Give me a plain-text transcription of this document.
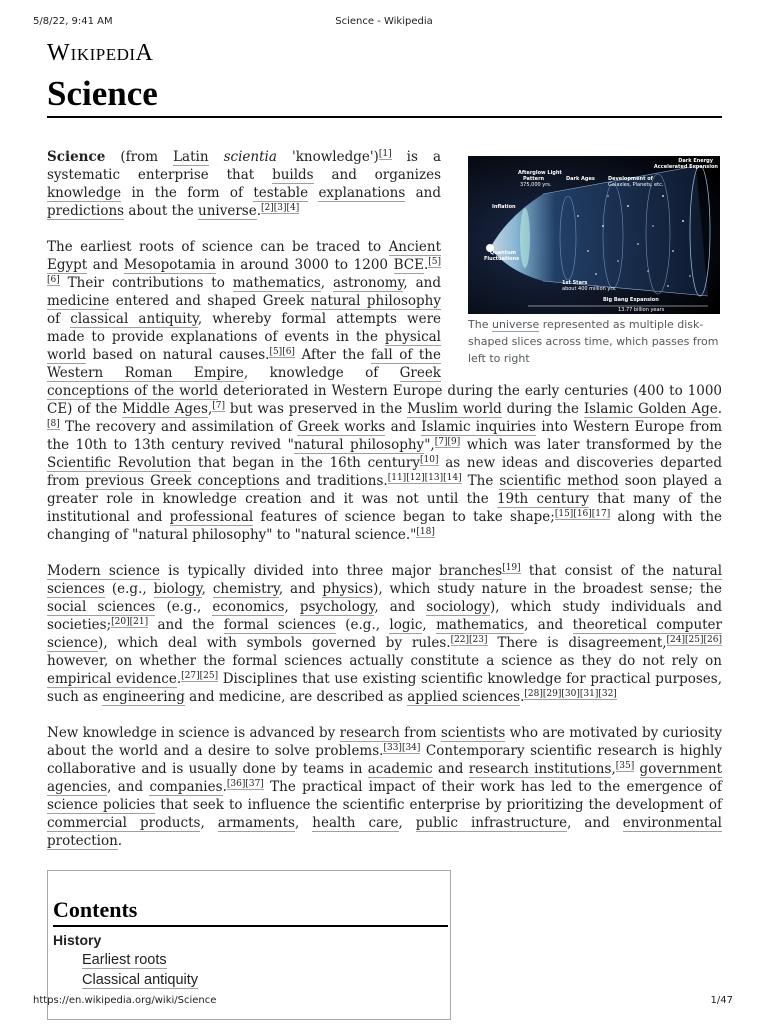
5/8/22, 9:41 AM	Science - Wikipedia
WIKIPEDIA
Science
Dark Energy
Accelerated Expansion
Afterglow Light
Pattern
375,000 yrs.
Dark Ages	Development of
Galaxies, Planets, etc.
Inflation
Quantum
Fluctuations
1st Stars
about 400 million yrs.
Big Bang Expansion
13.77 billion years
The universe represented as multiple disk-shaped slices across time, which passes from left to right

Science (from Latin scientia 'knowledge')[1] is a systematic enterprise that builds and organizes knowledge in the form of testable explanations and predictions about the universe.[2][3][4]

The earliest roots of science can be traced to Ancient Egypt and Mesopotamia in around 3000 to 1200 BCE.[5][6] Their contributions to mathematics, astronomy, and medicine entered and shaped Greek natural philosophy of classical antiquity, whereby formal attempts were made to provide explanations of events in the physical world based on natural causes.[5][6] After the fall of the Western Roman Empire, knowledge of Greek conceptions of the world deteriorated in Western Europe during the early centuries (400 to 1000 CE) of the Middle Ages,[7] but was preserved in the Muslim world during the Islamic Golden Age.[8] The recovery and assimilation of Greek works and Islamic inquiries into Western Europe from the 10th to 13th century revived "natural philosophy",[7][9] which was later transformed by the Scientific Revolution that began in the 16th century[10] as new ideas and discoveries departed from previous Greek conceptions and traditions.[11][12][13][14] The scientific method soon played a greater role in knowledge creation and it was not until the 19th century that many of the institutional and professional features of science began to take shape;[15][16][17] along with the changing of "natural philosophy" to "natural science."[18]

Modern science is typically divided into three major branches[19] that consist of the natural sciences (e.g., biology, chemistry, and physics), which study nature in the broadest sense; the social sciences (e.g., economics, psychology, and sociology), which study individuals and societies;[20][21] and the formal sciences (e.g., logic, mathematics, and theoretical computer science), which deal with symbols governed by rules.[22][23] There is disagreement,[24][25][26] however, on whether the formal sciences actually constitute a science as they do not rely on empirical evidence.[27][25] Disciplines that use existing scientific knowledge for practical purposes, such as engineering and medicine, are described as applied sciences.[28][29][30][31][32]

New knowledge in science is advanced by research from scientists who are motivated by curiosity about the world and a desire to solve problems.[33][34] Contemporary scientific research is highly collaborative and is usually done by teams in academic and research institutions,[35] government agencies, and companies.[36][37] The practical impact of their work has led to the emergence of science policies that seek to influence the scientific enterprise by prioritizing the development of commercial products, armaments, health care, public infrastructure, and environmental protection.

Contents
History
Earliest roots
Classical antiquity
https://en.wikipedia.org/wiki/Science	1/47
